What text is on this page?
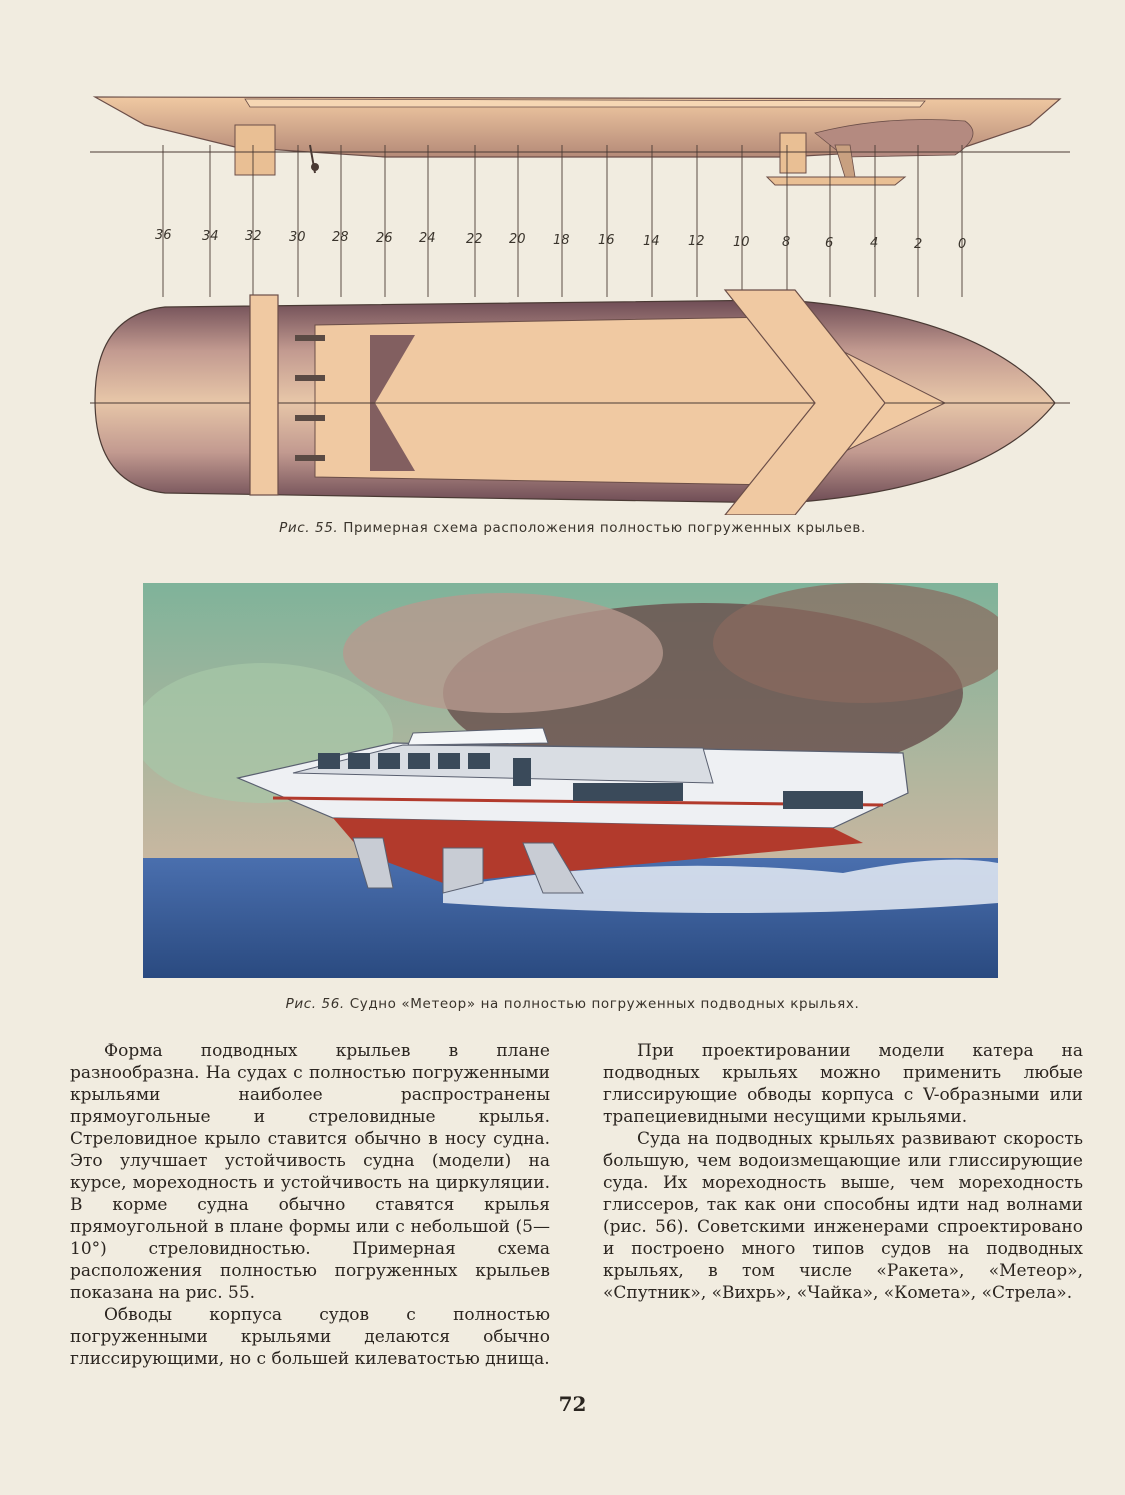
36 34 32 30 28 26 24 22 20 18 16 14 12 10 8	6	4	2	0
Рис. 55. Примерная схема расположения полностью погруженных крыльев.
Рис. 56. Судно «Метеор» на полностью погруженных подводных крыльях.

Форма подводных крыльев в плане разнообразна. На судах с полностью погруженными крыльями наиболее распространены прямоугольные и стреловидные крылья. Стреловидное крыло ставится обычно в носу судна. Это улучшает устойчивость судна (модели) на курсе, мореходность и устойчивость на циркуляции. В корме судна обычно ставятся крылья прямоугольной в плане формы или с небольшой (5—10°) стреловидностью. Примерная схема расположения полностью погруженных крыльев показана на рис. 55.

Обводы корпуса судов с полностью погруженными крыльями делаются обычно глиссирующими, но с большей килеватостью днища.

При проектировании модели катера на подводных крыльях можно применить любые глиссирующие обводы корпуса с V-образными или трапециевидными несущими крыльями.

Суда на подводных крыльях развивают скорость большую, чем водоизмещающие или глиссирующие суда. Их мореходность выше, чем мореходность глиссеров, так как они способны идти над волнами (рис. 56). Советскими инженерами спроектировано и построено много типов судов на подводных крыльях, в том числе «Ракета», «Метеор», «Спутник», «Вихрь», «Чайка», «Комета», «Стрела».

72
